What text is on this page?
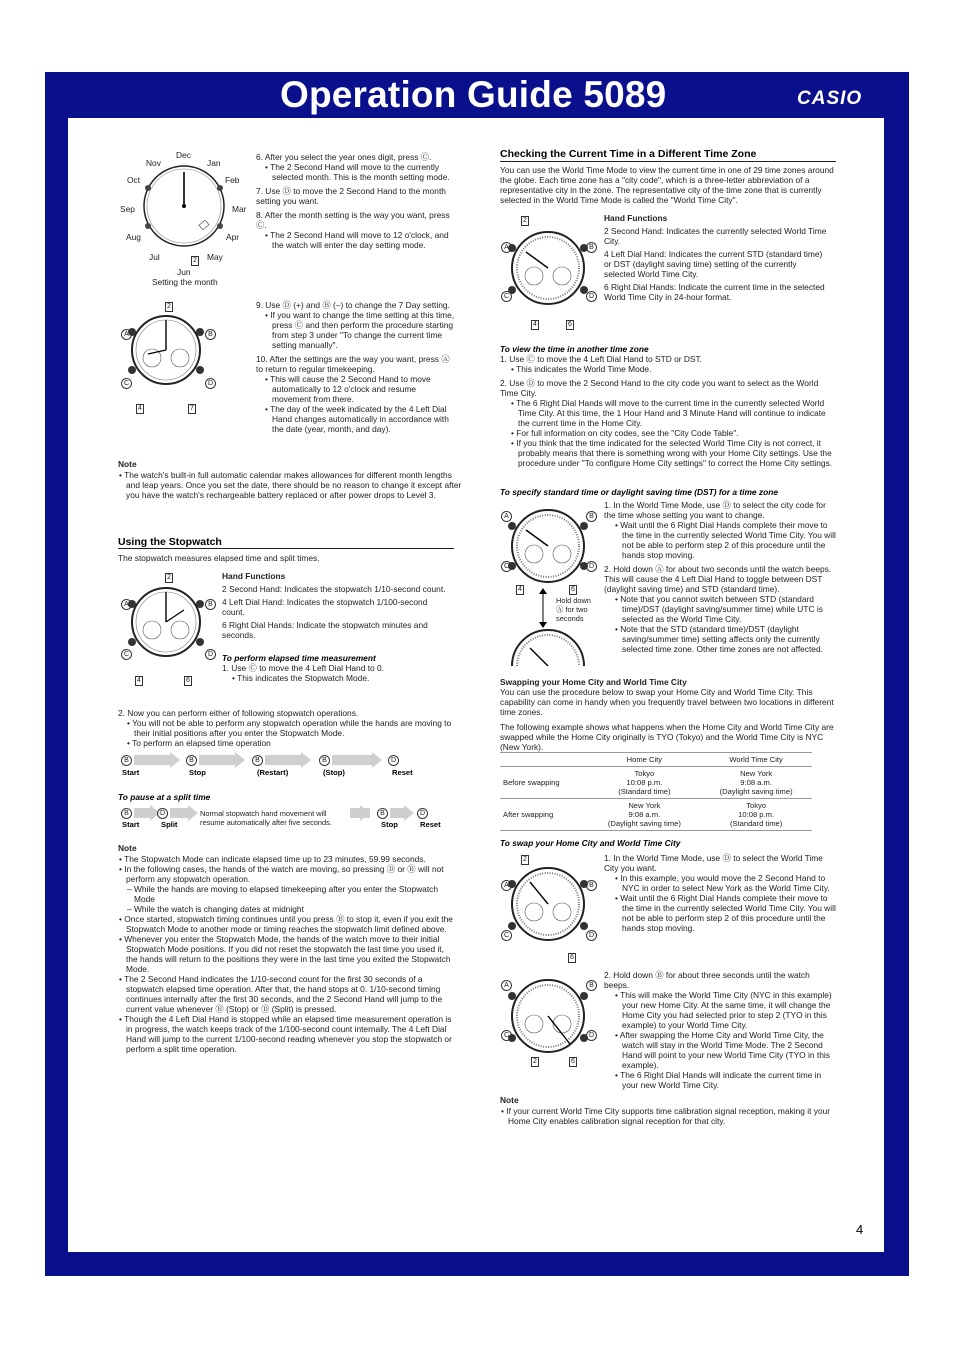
Operation Guide 5089	CASIO
4
Dec
Jan
Feb
Mar
Apr
May
Jun
Jul
Aug
Sep
Oct
Nov
2
Setting the month
6. After you select the year ones digit, press Ⓒ.
• The 2 Second Hand will move to the currently selected month. This is the month setting mode.
7. Use Ⓓ to move the 2 Second Hand to the month setting you want.
8. After the month setting is the way you want, press Ⓒ.
• The 2 Second Hand will move to 12 o'clock, and the watch will enter the day setting mode.
2
A	B
C	D
4	7
9. Use Ⓓ (+) and Ⓑ (–) to change the 7 Day setting.
• If you want to change the time setting at this time, press Ⓒ and then perform the procedure starting from step 3 under "To change the current time setting manually".
10. After the settings are the way you want, press Ⓐ to return to regular timekeeping.
• This will cause the 2 Second Hand to move automatically to 12 o'clock and resume movement from there.
• The day of the week indicated by the 4 Left Dial Hand changes automatically in accordance with the date (year, month, and day).
Note
• The watch's built-in full automatic calendar makes allowances for different month lengths and leap years. Once you set the date, there should be no reason to change it except after you have the watch's rechargeable battery replaced or after power drops to Level 3.
Using the Stopwatch
The stopwatch measures elapsed time and split times.
2
A	B
C	D
4	6
Hand Functions
2 Second Hand: Indicates the stopwatch 1/10-second count.
4 Left Dial Hand: Indicates the stopwatch 1/100-second count.
6 Right Dial Hands: Indicate the stopwatch minutes and seconds.
To perform elapsed time measurement
1. Use Ⓒ to move the 4 Left Dial Hand to 0.
• This indicates the Stopwatch Mode.
2. Now you can perform either of following stopwatch operations.
• You will not be able to perform any stopwatch operation while the hands are moving to their initial positions after you enter the Stopwatch Mode.
• To perform an elapsed time operation
B	B	B	B	D
Start	Stop	(Restart)	(Stop)	Reset
To pause at a split time
B	D	Normal stopwatch hand movement will resume automatically after five seconds.
B	D
Start	Split	Stop	Reset
Note
• The Stopwatch Mode can indicate elapsed time up to 23 minutes, 59.99 seconds.
• In the following cases, the hands of the watch are moving, so pressing Ⓓ or Ⓑ will not perform any stopwatch operation.
– While the hands are moving to elapsed timekeeping after you enter the Stopwatch Mode
– While the watch is changing dates at midnight
• Once started, stopwatch timing continues until you press Ⓑ to stop it, even if you exit the Stopwatch Mode to another mode or timing reaches the stopwatch limit defined above.
• Whenever you enter the Stopwatch Mode, the hands of the watch move to their initial Stopwatch Mode positions. If you did not reset the stopwatch the last time you used it, the hands will return to the positions they were in the last time you exited the Stopwatch Mode.
• The 2 Second Hand indicates the 1/10-second count for the first 30 seconds of a stopwatch elapsed time operation. After that, the hand stops at 0. 1/10-second timing continues internally after the first 30 seconds, and the 2 Second Hand will jump to the current value whenever Ⓑ (Stop) or Ⓓ (Split) is pressed.
• Though the 4 Left Dial Hand is stopped while an elapsed time measurement operation is in progress, the watch keeps track of the 1/100-second count internally. The 4 Left Dial Hand will jump to the current 1/100-second reading whenever you stop the stopwatch or perform a split time operation.
Checking the Current Time in a Different Time Zone
You can use the World Time Mode to view the current time in one of 29 time zones around the globe. Each time zone has a "city code", which is a three-letter abbreviation of a representative city in the zone. The representative city of the time zone that is currently selected in the World Time Mode is called the "World Time City".
2
A	B
C	D
4	6
Hand Functions
2 Second Hand: Indicates the currently selected World Time City.
4 Left Dial Hand: Indicates the current STD (standard time) or DST (daylight saving time) setting of the currently selected World Time City.
6 Right Dial Hands: Indicate the current time in the selected World Time City in 24-hour format.
To view the time in another time zone
1. Use Ⓒ to move the 4 Left Dial Hand to STD or DST.
• This indicates the World Time Mode.
2. Use Ⓓ to move the 2 Second Hand to the city code you want to select as the World Time City.
• The 6 Right Dial Hands will move to the current time in the currently selected World Time City. At this time, the 1 Hour Hand and 3 Minute Hand will continue to indicate the current time in the Home City.
• For full information on city codes, see the "City Code Table".
• If you think that the time indicated for the selected World Time City is not correct, it probably means that there is something wrong with your Home City settings. Use the procedure under "To configure Home City settings" to correct the Home City settings.
To specify standard time or daylight saving time (DST) for a time zone
A	B
C	D
4	6
Hold down Ⓐ for two seconds
1. In the World Time Mode, use Ⓓ to select the city code for the time whose setting you want to change.
• Wait until the 6 Right Dial Hands complete their move to the time in the currently selected World Time City. You will not be able to perform step 2 of this procedure until the hands stop moving.
2. Hold down Ⓐ for about two seconds until the watch beeps. This will cause the 4 Left Dial Hand to toggle between DST (daylight saving time) and STD (standard time).
• Note that you cannot switch between STD (standard time)/DST (daylight saving/summer time) while UTC is selected as the World Time City.
• Note that the STD (standard time)/DST (daylight saving/summer time) setting affects only the currently selected time zone. Other time zones are not affected.
Swapping your Home City and World Time City
You can use the procedure below to swap your Home City and World Time City. This capability can come in handy when you frequently travel between two locations in different time zones.
The following example shows what happens when the Home City and World Time City are swapped while the Home City originally is TYO (Tokyo) and the World Time City is NYC (New York).
	Home City	World Time City
Before swapping	Tokyo
10:08 p.m.
(Standard time)	New York
9:08 a.m.
(Daylight saving time)
After swapping	New York
9:08 a.m.
(Daylight saving time)	Tokyo
10:08 p.m.
(Standard time)
To swap your Home City and World Time City
2
A	B
C	D
6
1. In the World Time Mode, use Ⓓ to select the World Time City you want.
• In this example, you would move the 2 Second Hand to NYC in order to select New York as the World Time City.
• Wait until the 6 Right Dial Hands complete their move to the time in the currently selected World Time City. You will not be able to perform step 2 of this procedure until the hands stop moving.
A	B
C	D
2	6
2. Hold down Ⓑ for about three seconds until the watch beeps.
• This will make the World Time City (NYC in this example) your new Home City. At the same time, it will change the Home City you had selected prior to step 2 (TYO in this example) to your World Time City.
• After swapping the Home City and World Time City, the watch will stay in the World Time Mode. The 2 Second Hand will point to your new World Time City (TYO in this example).
• The 6 Right Dial Hands will indicate the current time in your new World Time City.
Note
• If your current World Time City supports time calibration signal reception, making it your Home City enables calibration signal reception for that city.
